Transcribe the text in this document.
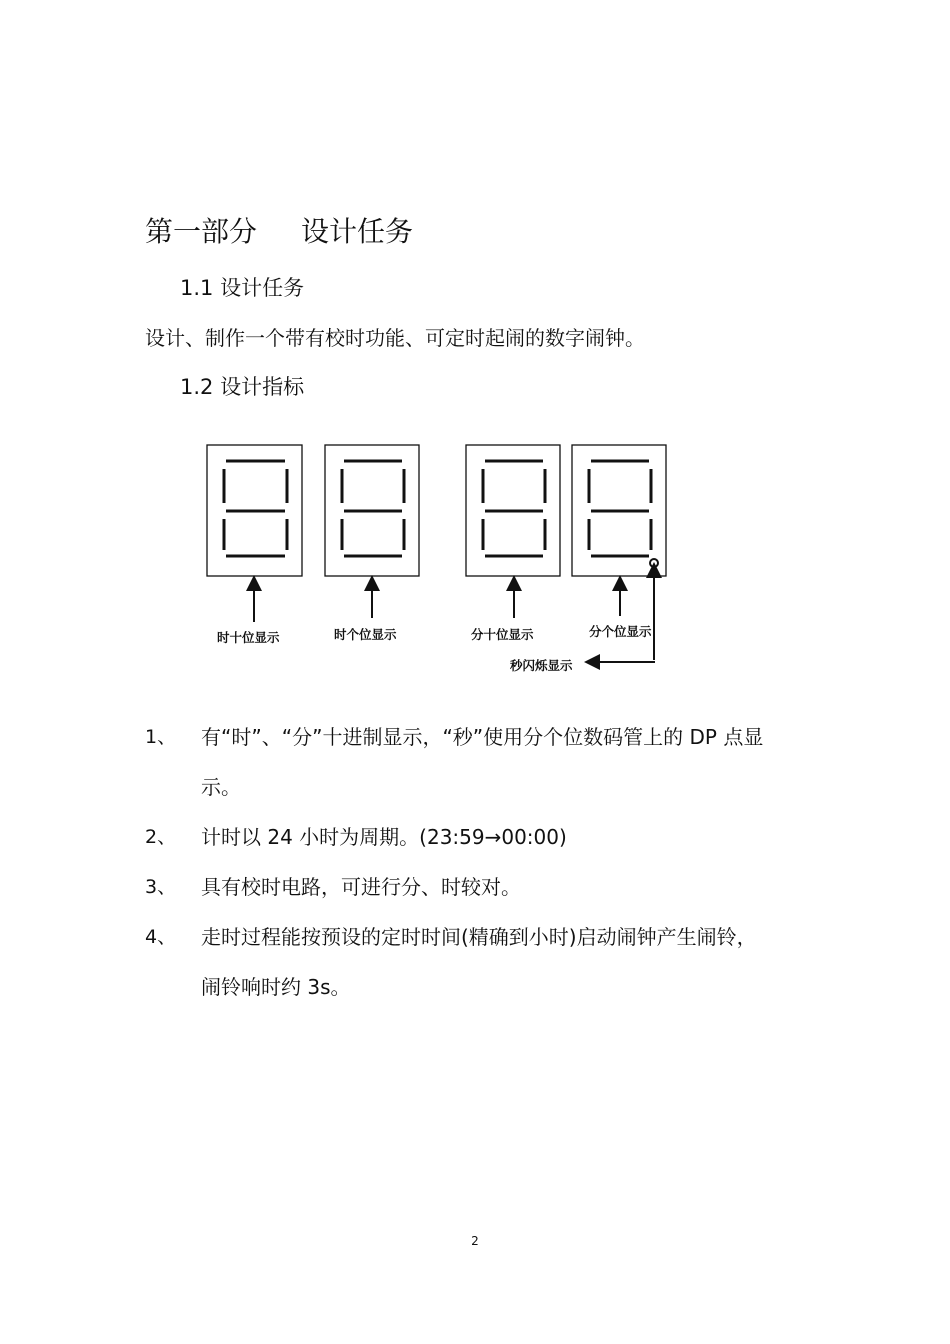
第一部分 设计任务
1.1 设计任务
设计、制作一个带有校时功能、可定时起闹的数字闹钟。
1.2 设计指标
时十位显示	时个位显示	分十位显示	分个位显示
秒闪烁显示
1、 有“时”、“分”十进制显示，“秒”使用分个位数码管上的 DP 点显
示。
2、 计时以 24 小时为周期。(23:59→00:00)
3、 具有校时电路，可进行分、时较对。
4、 走时过程能按预设的定时时间(精确到小时)启动闹钟产生闹铃，
闹铃响时约 3s。
2
